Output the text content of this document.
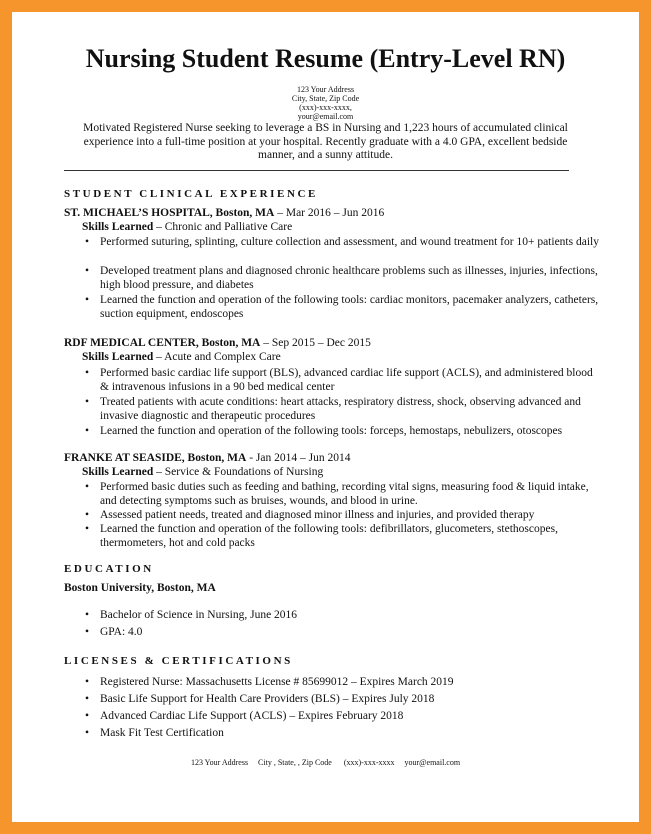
Nursing Student Resume (Entry-Level RN)
123 Your Address
City, State, Zip Code
(xxx)-xxx-xxxx,
your@email.com
Motivated Registered Nurse seeking to leverage a BS in Nursing and 1,223 hours of accumulated clinical experience into a full-time position at your hospital. Recently graduate with a 4.0 GPA, excellent bedside manner, and a sunny attitude.
STUDENT CLINICAL EXPERIENCE
ST. MICHAEL’S HOSPITAL, Boston, MA – Mar 2016 – Jun 2016
Skills Learned – Chronic and Palliative Care
• Performed suturing, splinting, culture collection and assessment, and wound treatment for 10+ patients daily
• Developed treatment plans and diagnosed chronic healthcare problems such as illnesses, injuries, infections, high blood pressure, and diabetes
• Learned the function and operation of the following tools: cardiac monitors, pacemaker analyzers, catheters, suction equipment, endoscopes
RDF MEDICAL CENTER, Boston, MA – Sep 2015 – Dec 2015
Skills Learned – Acute and Complex Care
• Performed basic cardiac life support (BLS), advanced cardiac life support (ACLS), and administered blood & intravenous infusions in a 90 bed medical center
• Treated patients with acute conditions: heart attacks, respiratory distress, shock, observing advanced and invasive diagnostic and therapeutic procedures
• Learned the function and operation of the following tools: forceps, hemostaps, nebulizers, otoscopes
FRANKE AT SEASIDE, Boston, MA - Jan 2014 – Jun 2014
Skills Learned – Service & Foundations of Nursing
• Performed basic duties such as feeding and bathing, recording vital signs, measuring food & liquid intake, and detecting symptoms such as bruises, wounds, and blood in urine.
• Assessed patient needs, treated and diagnosed minor illness and injuries, and provided therapy
• Learned the function and operation of the following tools: defibrillators, glucometers, stethoscopes, thermometers, hot and cold packs
EDUCATION
Boston University, Boston, MA
• Bachelor of Science in Nursing, June 2016
• GPA: 4.0
LICENSES & CERTIFICATIONS
• Registered Nurse: Massachusetts License # 85699012 – Expires March 2019
• Basic Life Support for Health Care Providers (BLS) – Expires July 2018
• Advanced Cardiac Life Support (ACLS) – Expires February 2018
• Mask Fit Test Certification
123 Your Address     City , State, , Zip Code      (xxx)-xxx-xxxx     your@email.com
